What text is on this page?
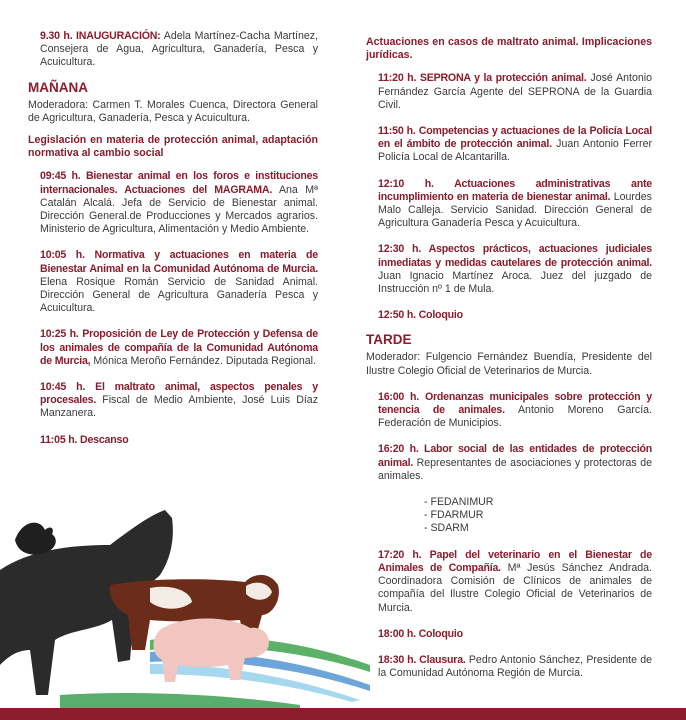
9.30 h. INAUGURACIÓN: Adela Martínez-Cacha Martínez, Consejera de Agua, Agricultura, Ganadería, Pesca y Acuicultura.

MAÑANA

Moderadora: Carmen T. Morales Cuenca, Directora General de Agricultura, Ganadería, Pesca y Acuicultura.

Legislación en materia de protección animal, adaptación normativa al cambio social

09:45 h. Bienestar animal en los foros e instituciones internacionales. Actuaciones del MAGRAMA. Ana Mª Catalán Alcalá. Jefa de Servicio de Bienestar animal. Dirección General.de Producciones y Mercados agrarios. Ministerio de Agricultura, Alimentación y Medio Ambiente.

10:05 h. Normativa y actuaciones en materia de Bienestar Animal en la Comunidad Autónoma de Murcia. Elena Rosique Román Servicio de Sanidad Animal. Dirección General de Agricultura Ganadería Pesca y Acuicultura.

10:25 h. Proposición de Ley de Protección y Defensa de los animales de compañía de la Comunidad Autónoma de Murcia, Mónica Meroño Fernández. Diputada Regional.

10:45 h. El maltrato animal, aspectos penales y procesales. Fiscal de Medio Ambiente, José Luis Díaz Manzanera.

11:05 h. Descanso

Actuaciones en casos de maltrato animal. Implicaciones jurídicas.

11:20 h. SEPRONA y la protección animal. José Antonio Fernández García Agente del SEPRONA de la Guardia Civil.

11:50 h. Competencias y actuaciones de la Policía Local en el ámbito de protección animal. Juan Antonio Ferrer Policía Local de Alcantarilla.

12:10 h. Actuaciones administrativas ante incumplimiento en materia de bienestar animal. Lourdes Malo Calleja. Servicio Sanidad. Dirección General de Agricultura Ganadería Pesca y Acuicultura.

12:30 h. Aspectos prácticos, actuaciones judiciales inmediatas y medidas cautelares de protección animal. Juan Ignacio Martínez Aroca. Juez del juzgado de Instrucción nº 1 de Mula.

12:50 h. Coloquio

TARDE

Moderador: Fulgencio Fernández Buendía, Presidente del Ilustre Colegio Oficial de Veterinarios de Murcia.

16:00 h. Ordenanzas municipales sobre protección y tenencia de animales. Antonio Moreno García. Federación de Municipios.

16:20 h. Labor social de las entidades de protección animal. Representantes de asociaciones y protectoras de animales.

- FEDANIMUR
- FDARMUR
- SDARM

17:20 h. Papel del veterinario en el Bienestar de Animales de Compañía. Mª Jesús Sánchez Andrada. Coordinadora Comisión de Clínicos de animales de compañía del Ilustre Colegio Oficial de Veterinarios de Murcia.

18:00 h. Coloquio

18:30 h. Clausura. Pedro Antonio Sánchez, Presidente de la Comunidad Autónoma Región de Murcia.
